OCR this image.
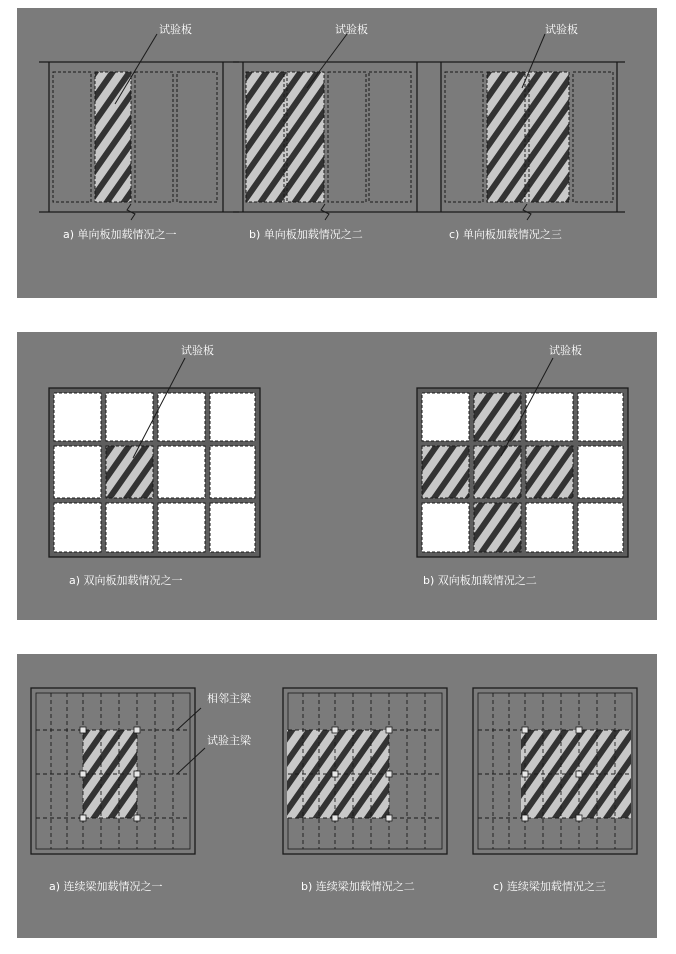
试验板
a) 单向板加载情况之一
试验板
b) 单向板加载情况之二
试验板
c) 单向板加载情况之三
试验板
a) 双向板加载情况之一
试验板
b) 双向板加载情况之二
相邻主梁
试验主梁
a) 连续梁加载情况之一	b) 连续梁加载情况之二	c) 连续梁加载情况之三
